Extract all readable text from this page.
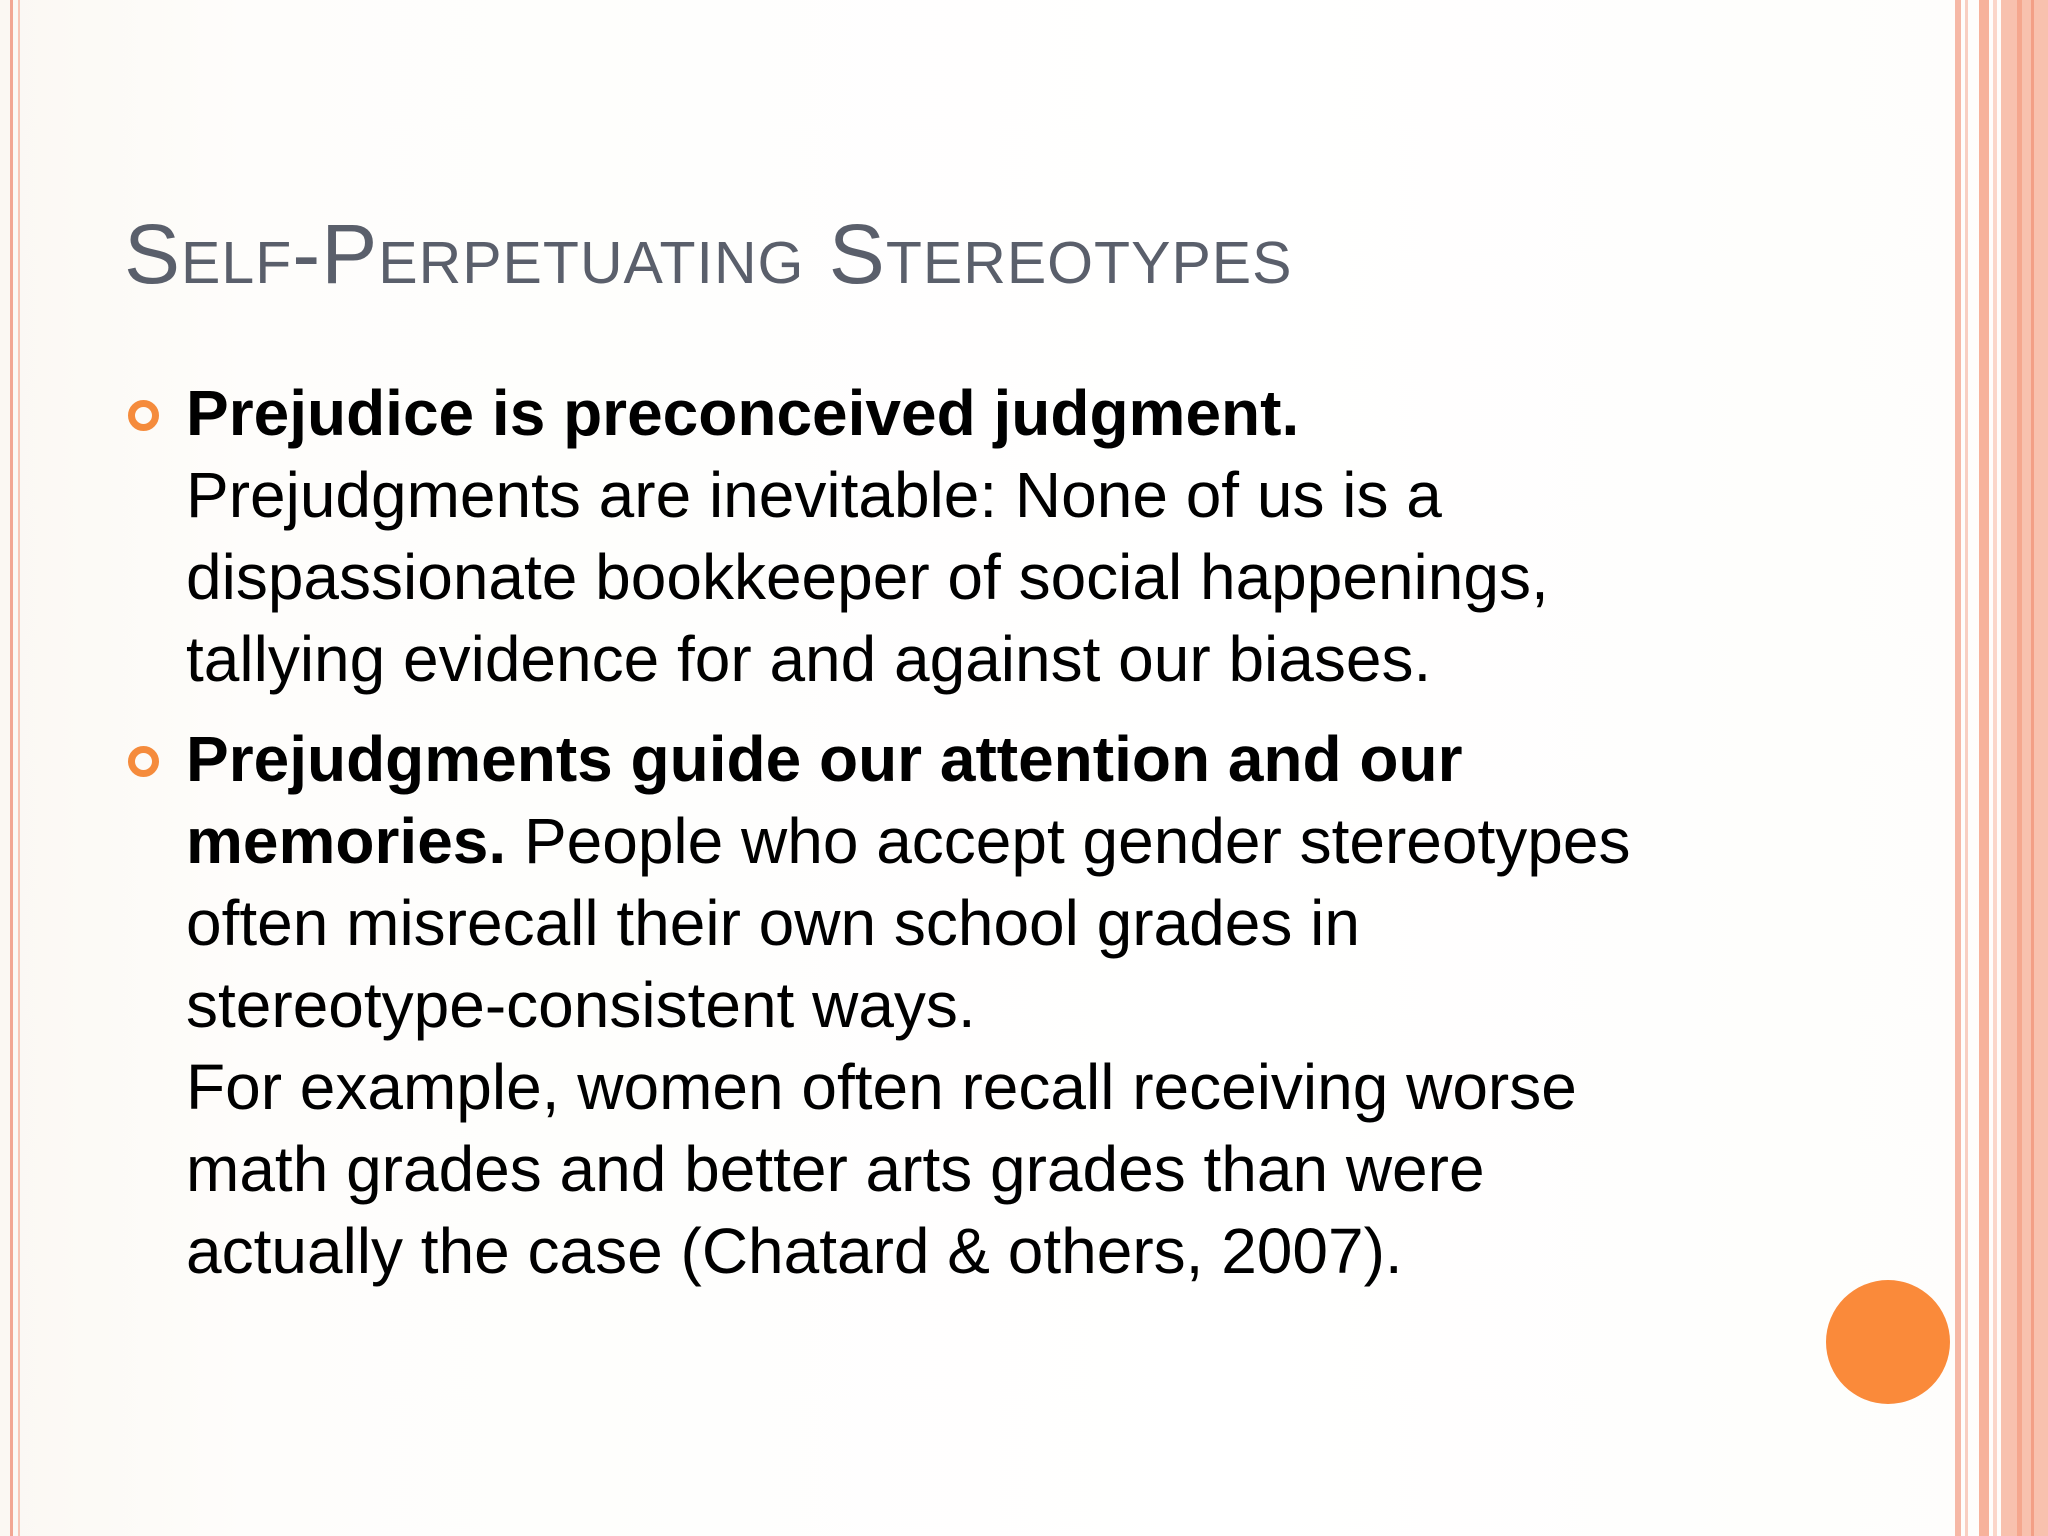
Self-Perpetuating Stereotypes
Prejudice is preconceived judgment.
Prejudgments are inevitable: None of us is a
dispassionate bookkeeper of social happenings,
tallying evidence for and against our biases.
Prejudgments guide our attention and our
memories. People who accept gender stereotypes
often misrecall their own school grades in
stereotype-consistent ways.
For example, women often recall receiving worse
math grades and better arts grades than were
actually the case (Chatard & others, 2007).
